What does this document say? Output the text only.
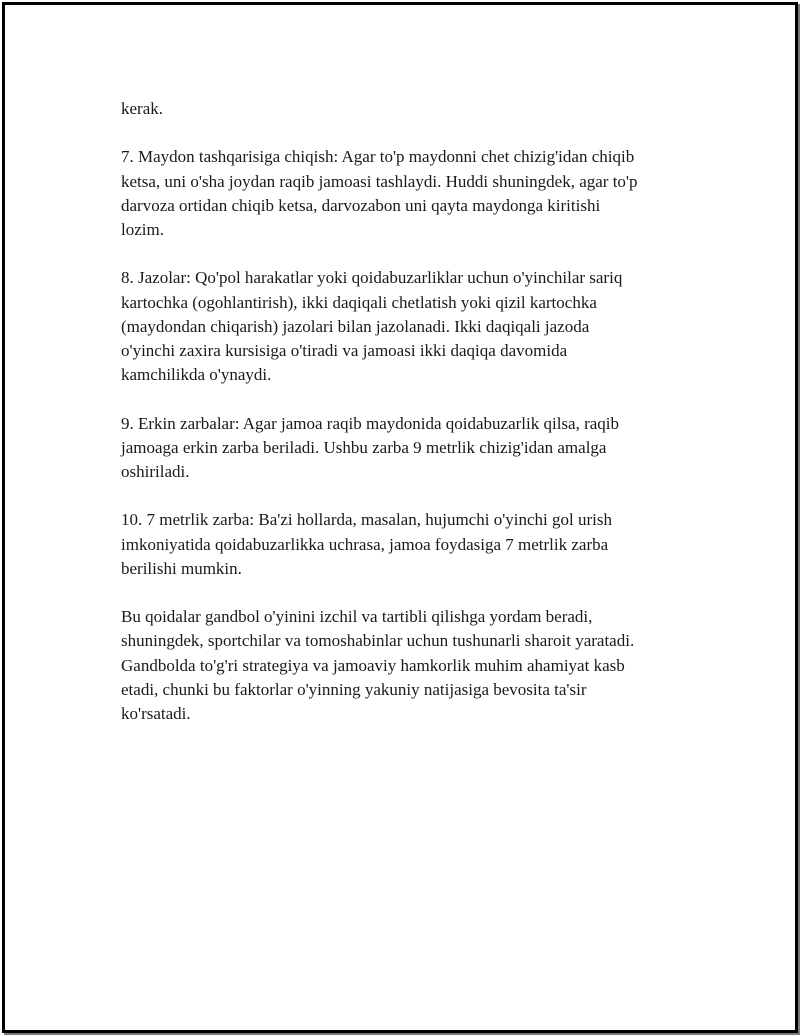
kerak.

7. Maydon tashqarisiga chiqish: Agar to'p maydonni chet chizig'idan chiqib
ketsa, uni o'sha joydan raqib jamoasi tashlaydi. Huddi shuningdek, agar to'p
darvoza ortidan chiqib ketsa, darvozabon uni qayta maydonga kiritishi
lozim.

8. Jazolar: Qo'pol harakatlar yoki qoidabuzarliklar uchun o'yinchilar sariq
kartochka (ogohlantirish), ikki daqiqali chetlatish yoki qizil kartochka
(maydondan chiqarish) jazolari bilan jazolanadi. Ikki daqiqali jazoda
o'yinchi zaxira kursisiga o'tiradi va jamoasi ikki daqiqa davomida
kamchilikda o'ynaydi.

9. Erkin zarbalar: Agar jamoa raqib maydonida qoidabuzarlik qilsa, raqib
jamoaga erkin zarba beriladi. Ushbu zarba 9 metrlik chizig'idan amalga
oshiriladi.

10. 7 metrlik zarba: Ba'zi hollarda, masalan, hujumchi o'yinchi gol urish
imkoniyatida qoidabuzarlikka uchrasa, jamoa foydasiga 7 metrlik zarba
berilishi mumkin.

Bu qoidalar gandbol o'yinini izchil va tartibli qilishga yordam beradi,
shuningdek, sportchilar va tomoshabinlar uchun tushunarli sharoit yaratadi.
Gandbolda to'g'ri strategiya va jamoaviy hamkorlik muhim ahamiyat kasb
etadi, chunki bu faktorlar o'yinning yakuniy natijasiga bevosita ta'sir
ko'rsatadi.
